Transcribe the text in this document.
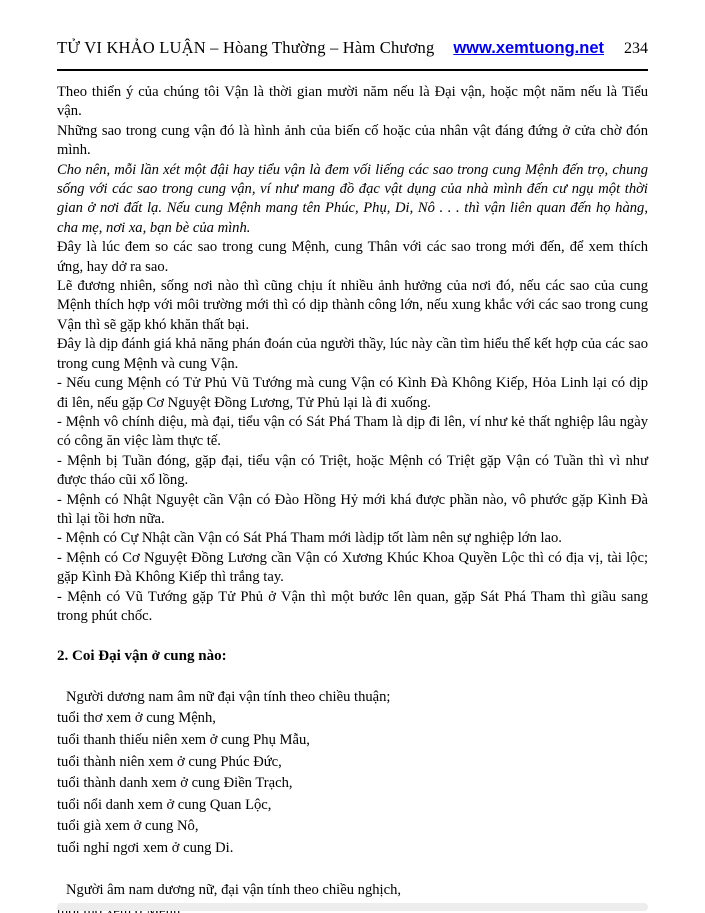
TỬ VI KHẢO LUẬN – Hòang Thường – Hàm Chương www.xemtuong.net 234

Theo thiển ý của chúng tôi Vận là thời gian mười năm nếu là Đại vận, hoặc một năm nếu là Tiểu vận.

Những sao trong cung vận đó là hình ảnh của biến cố hoặc của nhân vật đáng đứng ở cửa chờ đón mình.

Cho nên, mỗi lần xét một đậi hay tiểu vận là đem vối liếng các sao trong cung Mệnh đến trọ, chung sống với các sao trong cung vận, ví như mang đồ đạc vật dụng của nhà mình đến cư ngụ một thời gian ở nơi đất lạ. Nếu cung Mệnh mang tên Phúc, Phụ, Di, Nô . . . thì vận liên quan đến họ hàng, cha mẹ, nơi xa, bạn bè của mình.

Đây là lúc đem so các sao trong cung Mệnh, cung Thân với các sao trong mới đến, để xem thích ứng, hay dở ra sao.

Lẽ đương nhiên, sống nơi nào thì cũng chịu ít nhiều ảnh hưởng của nơi đó, nếu các sao của cung Mệnh thích hợp với môi trường mới thì có dịp thành công lớn, nếu xung khắc với các sao trong cung Vận thì sẽ gặp khó khăn thất bại.

Đây là dịp đánh giá khả năng phán đoán của người thầy, lúc này cần tìm hiểu thế kết hợp của các sao trong cung Mệnh và cung Vận.

- Nếu cung Mệnh có Tử Phủ Vũ Tướng mà cung Vận có Kình Đà Không Kiếp, Hỏa Linh lại có dịp đi lên, nếu gặp Cơ Nguyệt Đồng Lương, Tử Phủ lại là đi xuống.

- Mệnh vô chính diệu, mà đại, tiểu vận có Sát Phá Tham là dịp đi lên, ví như kẻ thất nghiệp lâu ngày có công ăn việc làm thực tế.

- Mệnh bị Tuần đóng, gặp đại, tiểu vận có Triệt, hoặc Mệnh có Triệt gặp Vận có Tuần thì vì như được tháo cũi xổ lồng.

- Mệnh có Nhật Nguyệt cần Vận có Đào Hồng Hỷ mới khá được phần nào, vô phước gặp Kình Đà thì lại tồi hơn nữa.

- Mệnh có Cự Nhật cần Vận có Sát Phá Tham mới làdịp tốt làm nên sự nghiệp lớn lao.

- Mệnh có Cơ Nguyệt Đồng Lương cần Vận có Xương Khúc Khoa Quyền Lộc thì có địa vị, tài lộc; gặp Kình Đà Không Kiếp thì trắng tay.

- Mệnh có Vũ Tướng gặp Tử Phủ ở Vận thì một bước lên quan, gặp Sát Phá Tham thì giầu sang trong phút chốc.

2. Coi Đại vận ở cung nào:

Người dương nam âm nữ đại vận tính theo chiều thuận;

tuổi thơ xem ở cung Mệnh,

tuổi thanh thiếu niên xem ở cung Phụ Mẫu,

tuổi thành niên xem ở cung Phúc Đức,

tuổi thành danh xem ở cung Điền Trạch,

tuổi nổi danh xem ở cung Quan Lộc,

tuổi già xem ở cung Nô,

tuổi nghỉ ngơi xem ở cung Di.

Người âm nam dương nữ, đại vận tính theo chiều nghịch,
